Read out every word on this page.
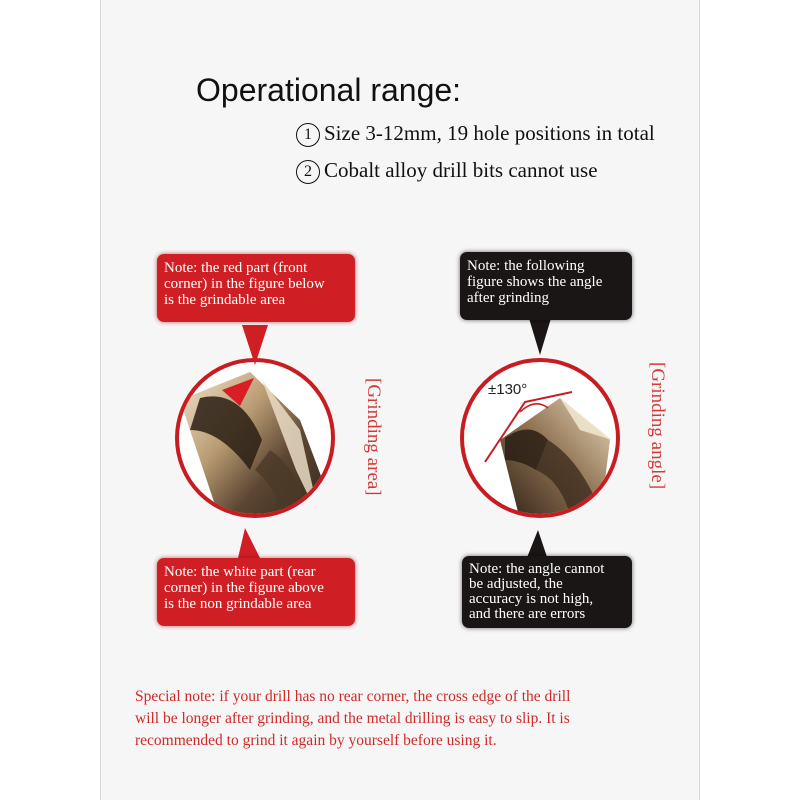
Operational range:
1 Size 3-12mm, 19 hole positions in total
2 Cobalt alloy drill bits cannot use
±130°
Note: the red part (front
corner) in the figure below
is the grindable area
Note: the white part (rear
corner) in the figure above
is the non grindable area
Note: the following
figure shows the angle
after grinding
Note: the angle cannot
be adjusted, the
accuracy is not high,
and there are errors
[Grinding area]	[Grinding angle]
Special note: if your drill has no rear corner, the cross edge of the drill
will be longer after grinding, and the metal drilling is easy to slip. It is
recommended to grind it again by yourself before using it.
